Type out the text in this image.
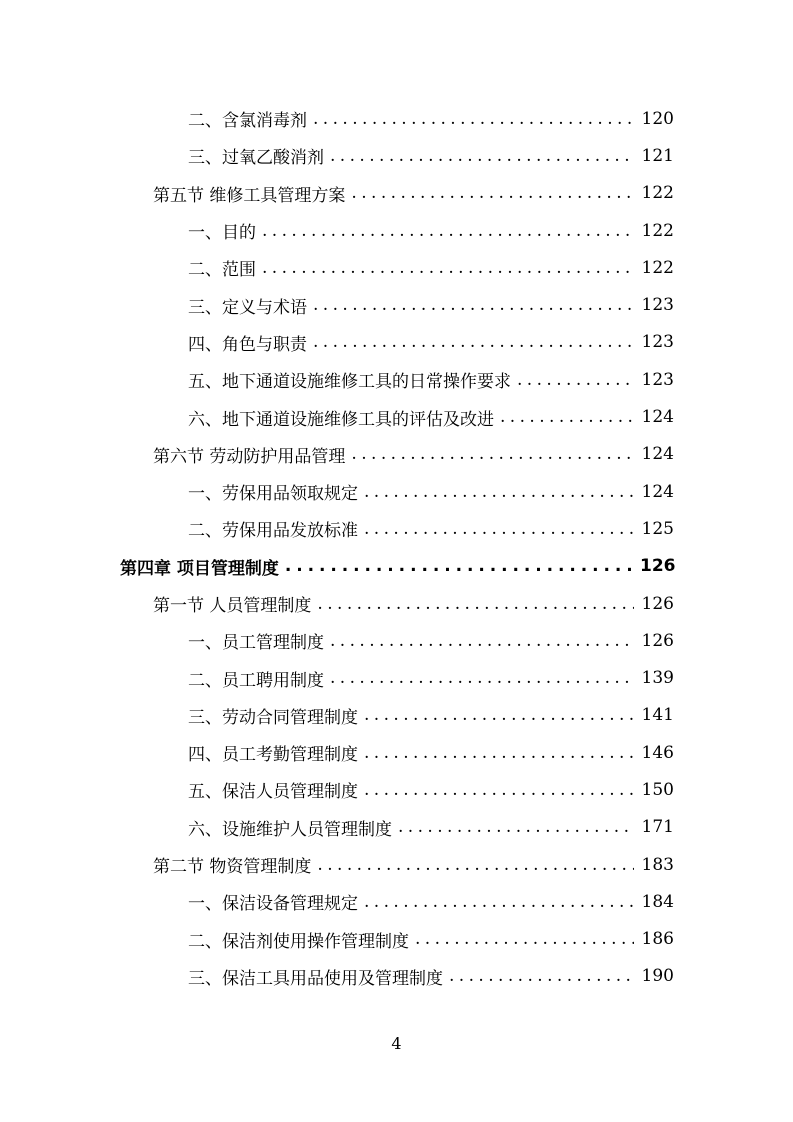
二、含氯消毒剂 . . .	120
三、过氧乙酸消剂 . . .	121
第五节 维修工具管理方案 . . .	122
一、目的 . . .	122
二、范围 . . .	122
三、定义与术语 . . .	123
四、角色与职责 . . .	123
五、地下通道设施维修工具的日常操作要求 . . .	123
六、地下通道设施维修工具的评估及改进 . . .	124
第六节 劳动防护用品管理 . . .	124
一、劳保用品领取规定 . . .	124
二、劳保用品发放标准 . . .	125
第四章 项目管理制度 . . .	126
第一节 人员管理制度 . . .	126
一、员工管理制度 . . .	126
二、员工聘用制度 . . .	139
三、劳动合同管理制度 . . .	141
四、员工考勤管理制度 . . .	146
五、保洁人员管理制度 . . .	150
六、设施维护人员管理制度 . . .	171
第二节 物资管理制度 . . .	183
一、保洁设备管理规定 . . .	184
二、保洁剂使用操作管理制度 . . .	186
三、保洁工具用品使用及管理制度 . . .	190
4
